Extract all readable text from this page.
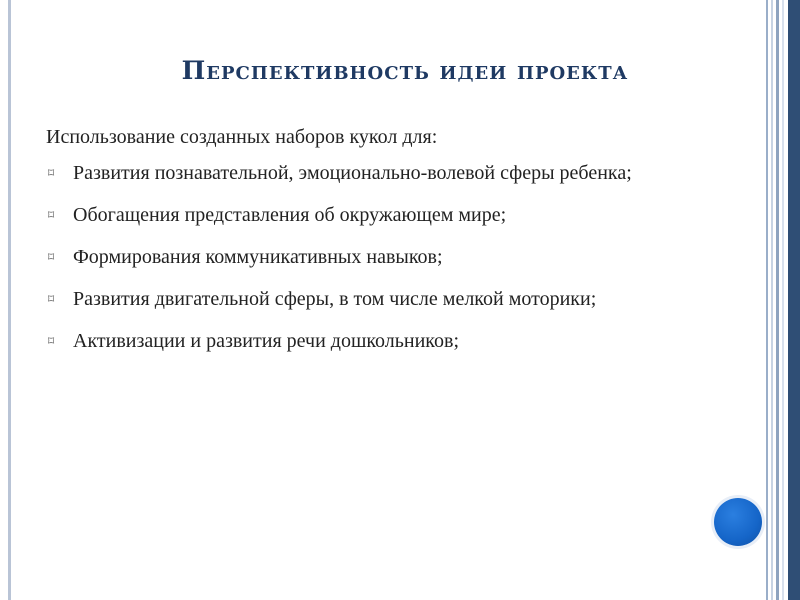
Перспективность идеи проекта

Использование созданных наборов кукол для:

⌑ Развития познавательной, эмоционально-волевой сферы ребенка;
⌑ Обогащения представления об окружающем мире;
⌑ Формирования коммуникативных навыков;
⌑ Развития двигательной сферы, в том числе мелкой моторики;
⌑ Активизации и развития речи дошкольников;
